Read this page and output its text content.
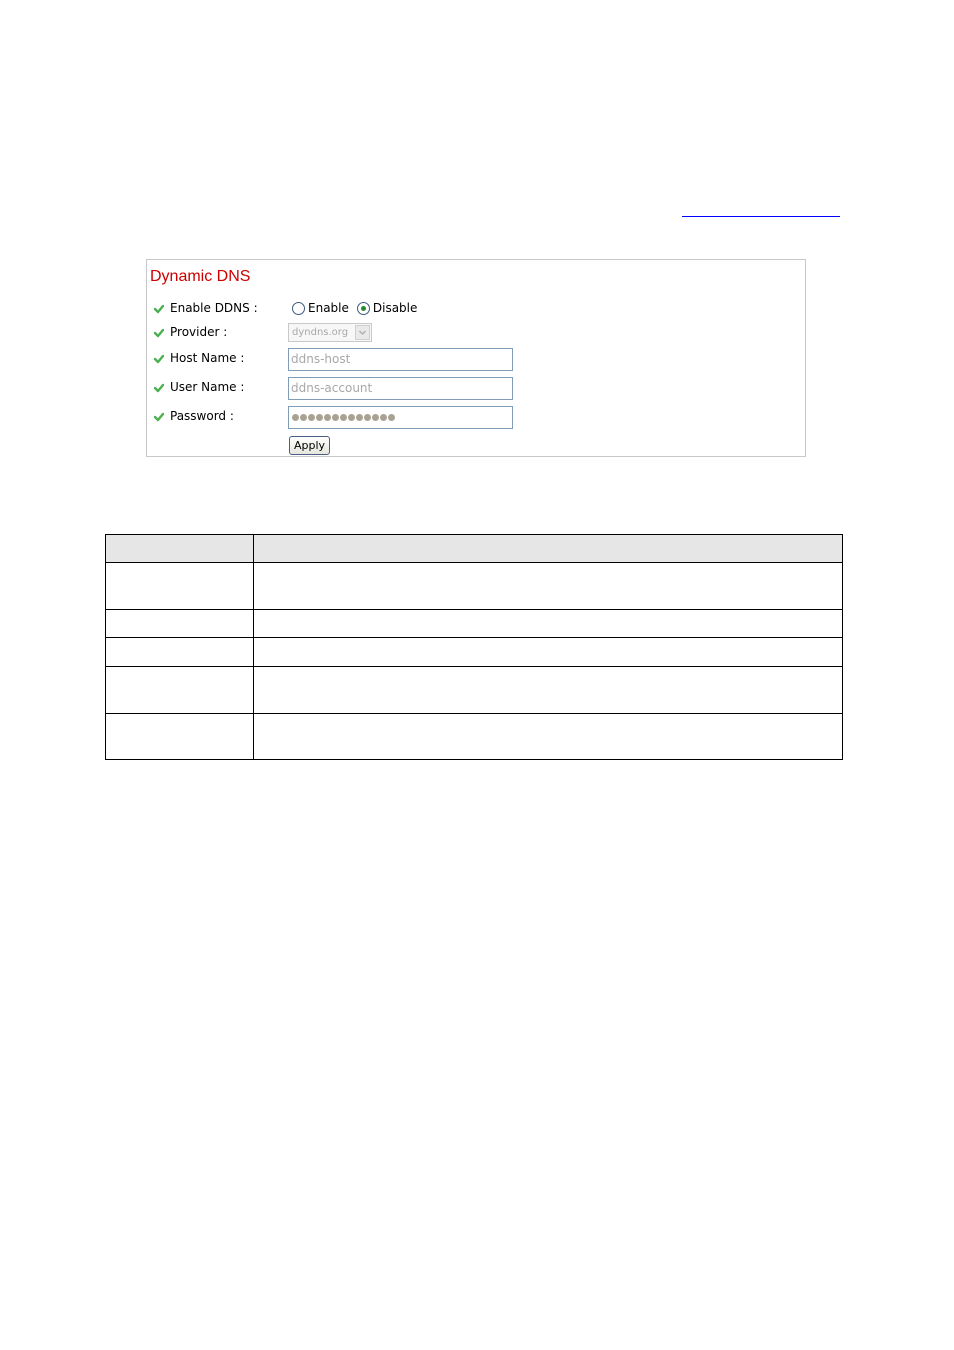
Dynamic DNS
Enable DDNS :	Enable Disable
Provider :	dyndns.org
Host Name :	ddns-host
User Name :	ddns-account
Password :
Apply
